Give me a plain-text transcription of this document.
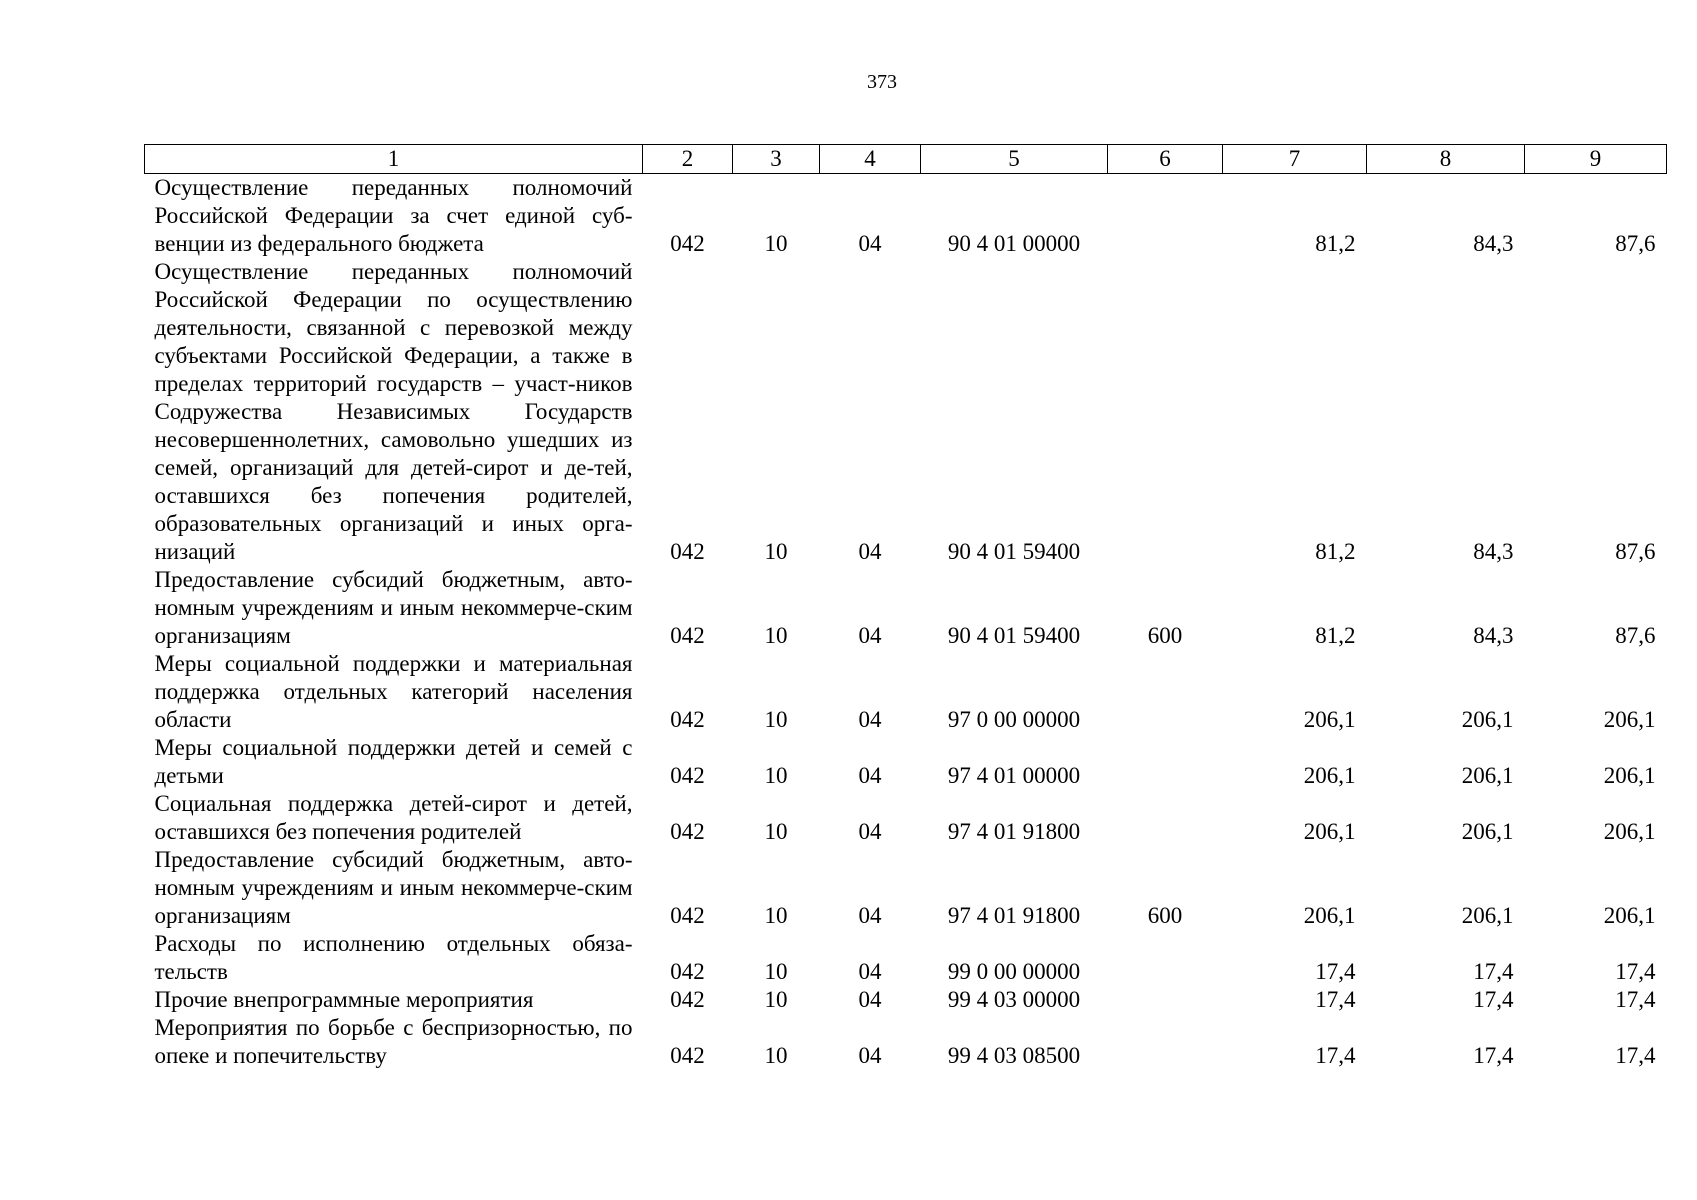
373
1	2	3	4	5	6	7	8	9
Осуществление переданных полномочий Российской Федерации за счет единой суб-венции из федерального бюджета	042	10	04	90 4 01 00000		81,2	84,3	87,6
Осуществление переданных полномочий Российской Федерации по осуществлению деятельности, связанной с перевозкой между субъектами Российской Федерации, а также в пределах территорий государств – участ-ников Содружества Независимых Государств несовершеннолетних, самовольно ушедших из семей, организаций для детей-сирот и де-тей, оставшихся без попечения родителей, образовательных организаций и иных орга-низаций	042	10	04	90 4 01 59400		81,2	84,3	87,6
Предоставление субсидий бюджетным, авто-номным учреждениям и иным некоммерче-ским организациям	042	10	04	90 4 01 59400	600	81,2	84,3	87,6
Меры социальной поддержки и материальная поддержка отдельных категорий населения области	042	10	04	97 0 00 00000		206,1	206,1	206,1
Меры социальной поддержки детей и семей с детьми	042	10	04	97 4 01 00000		206,1	206,1	206,1
Социальная поддержка детей-сирот и детей, оставшихся без попечения родителей	042	10	04	97 4 01 91800		206,1	206,1	206,1
Предоставление субсидий бюджетным, авто-номным учреждениям и иным некоммерче-ским организациям	042	10	04	97 4 01 91800	600	206,1	206,1	206,1
Расходы по исполнению отдельных обяза-тельств	042	10	04	99 0 00 00000		17,4	17,4	17,4
Прочие внепрограммные мероприятия	042	10	04	99 4 03 00000		17,4	17,4	17,4
Мероприятия по борьбе с беспризорностью, по опеке и попечительству	042	10	04	99 4 03 08500		17,4	17,4	17,4
